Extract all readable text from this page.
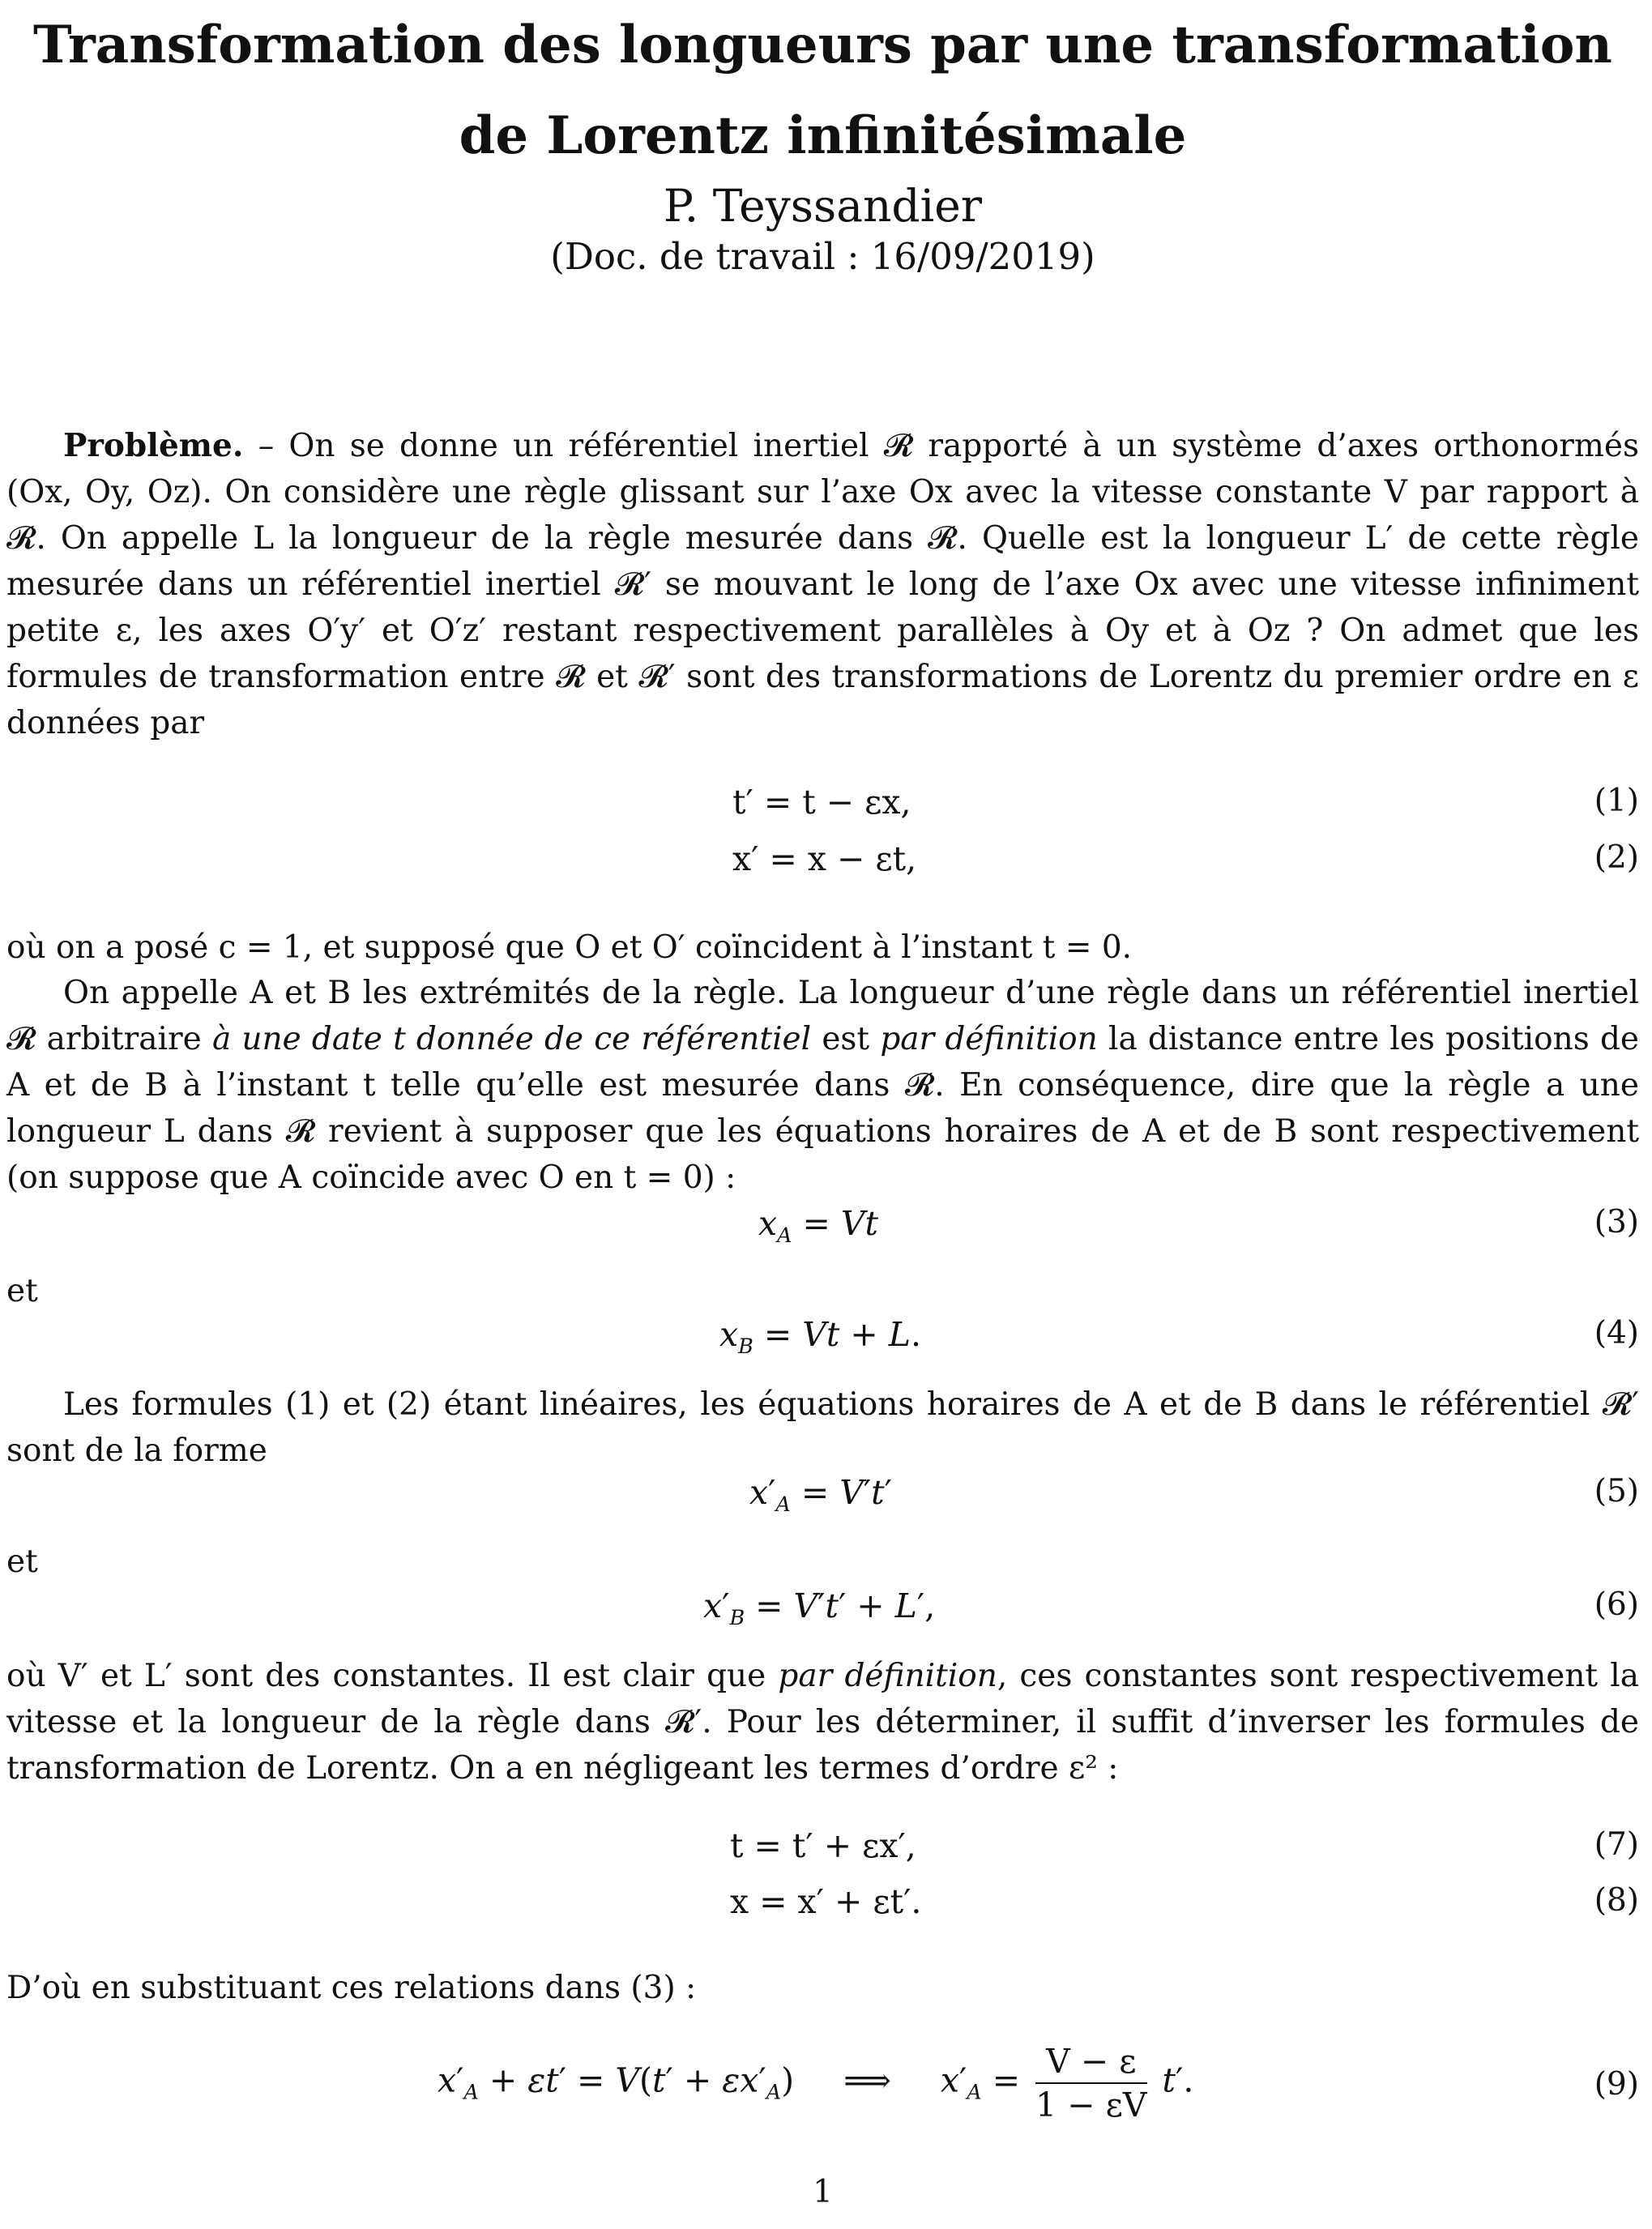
Transformation des longueurs par une transformation
de Lorentz infinitésimale

P. Teyssandier

(Doc. de travail : 16/09/2019)

Problème. – On se donne un référentiel inertiel 𝓡 rapporté à un système d’axes orthonormés (Ox, Oy, Oz). On considère une règle glissant sur l’axe Ox avec la vitesse constante V par rapport à 𝓡. On appelle L la longueur de la règle mesurée dans 𝓡. Quelle est la longueur L′ de cette règle mesurée dans un référentiel inertiel 𝓡′ se mouvant le long de l’axe Ox avec une vitesse infiniment petite ε, les axes O′y′ et O′z′ restant respectivement parallèles à Oy et à Oz ? On admet que les formules de transformation entre 𝓡 et 𝓡′ sont des transformations de Lorentz du premier ordre en ε données par

t′ = t − εx,	(1)
x′ = x − εt,	(2)

où on a posé c = 1, et supposé que O et O′ coïncident à l’instant t = 0.

On appelle A et B les extrémités de la règle. La longueur d’une règle dans un référentiel inertiel 𝓡 arbitraire à une date t donnée de ce référentiel est par définition la distance entre les positions de A et de B à l’instant t telle qu’elle est mesurée dans 𝓡. En conséquence, dire que la règle a une longueur L dans 𝓡 revient à supposer que les équations horaires de A et de B sont respectivement (on suppose que A coïncide avec O en t = 0) :

$x_A = Vt$	(3)

et

$x_B = Vt + L$.	(4)

Les formules (1) et (2) étant linéaires, les équations horaires de A et de B dans le référentiel 𝓡′ sont de la forme

$x'_A = V't'$	(5)

et

$x'_B = V't' + L'$,	(6)

où V′ et L′ sont des constantes. Il est clair que par définition, ces constantes sont respectivement la vitesse et la longueur de la règle dans 𝓡′. Pour les déterminer, il suffit d’inverser les formules de transformation de Lorentz. On a en négligeant les termes d’ordre ε² :

t = t′ + εx′,	(7)
x = x′ + εt′.	(8)

D’où en substituant ces relations dans (3) :

$x'_A + \varepsilon t' = V(t' + \varepsilon x'_A)$ ⟹ $x'_A = \frac{V - \varepsilon}{1 - \varepsilon V} t'$.	(9)
1
